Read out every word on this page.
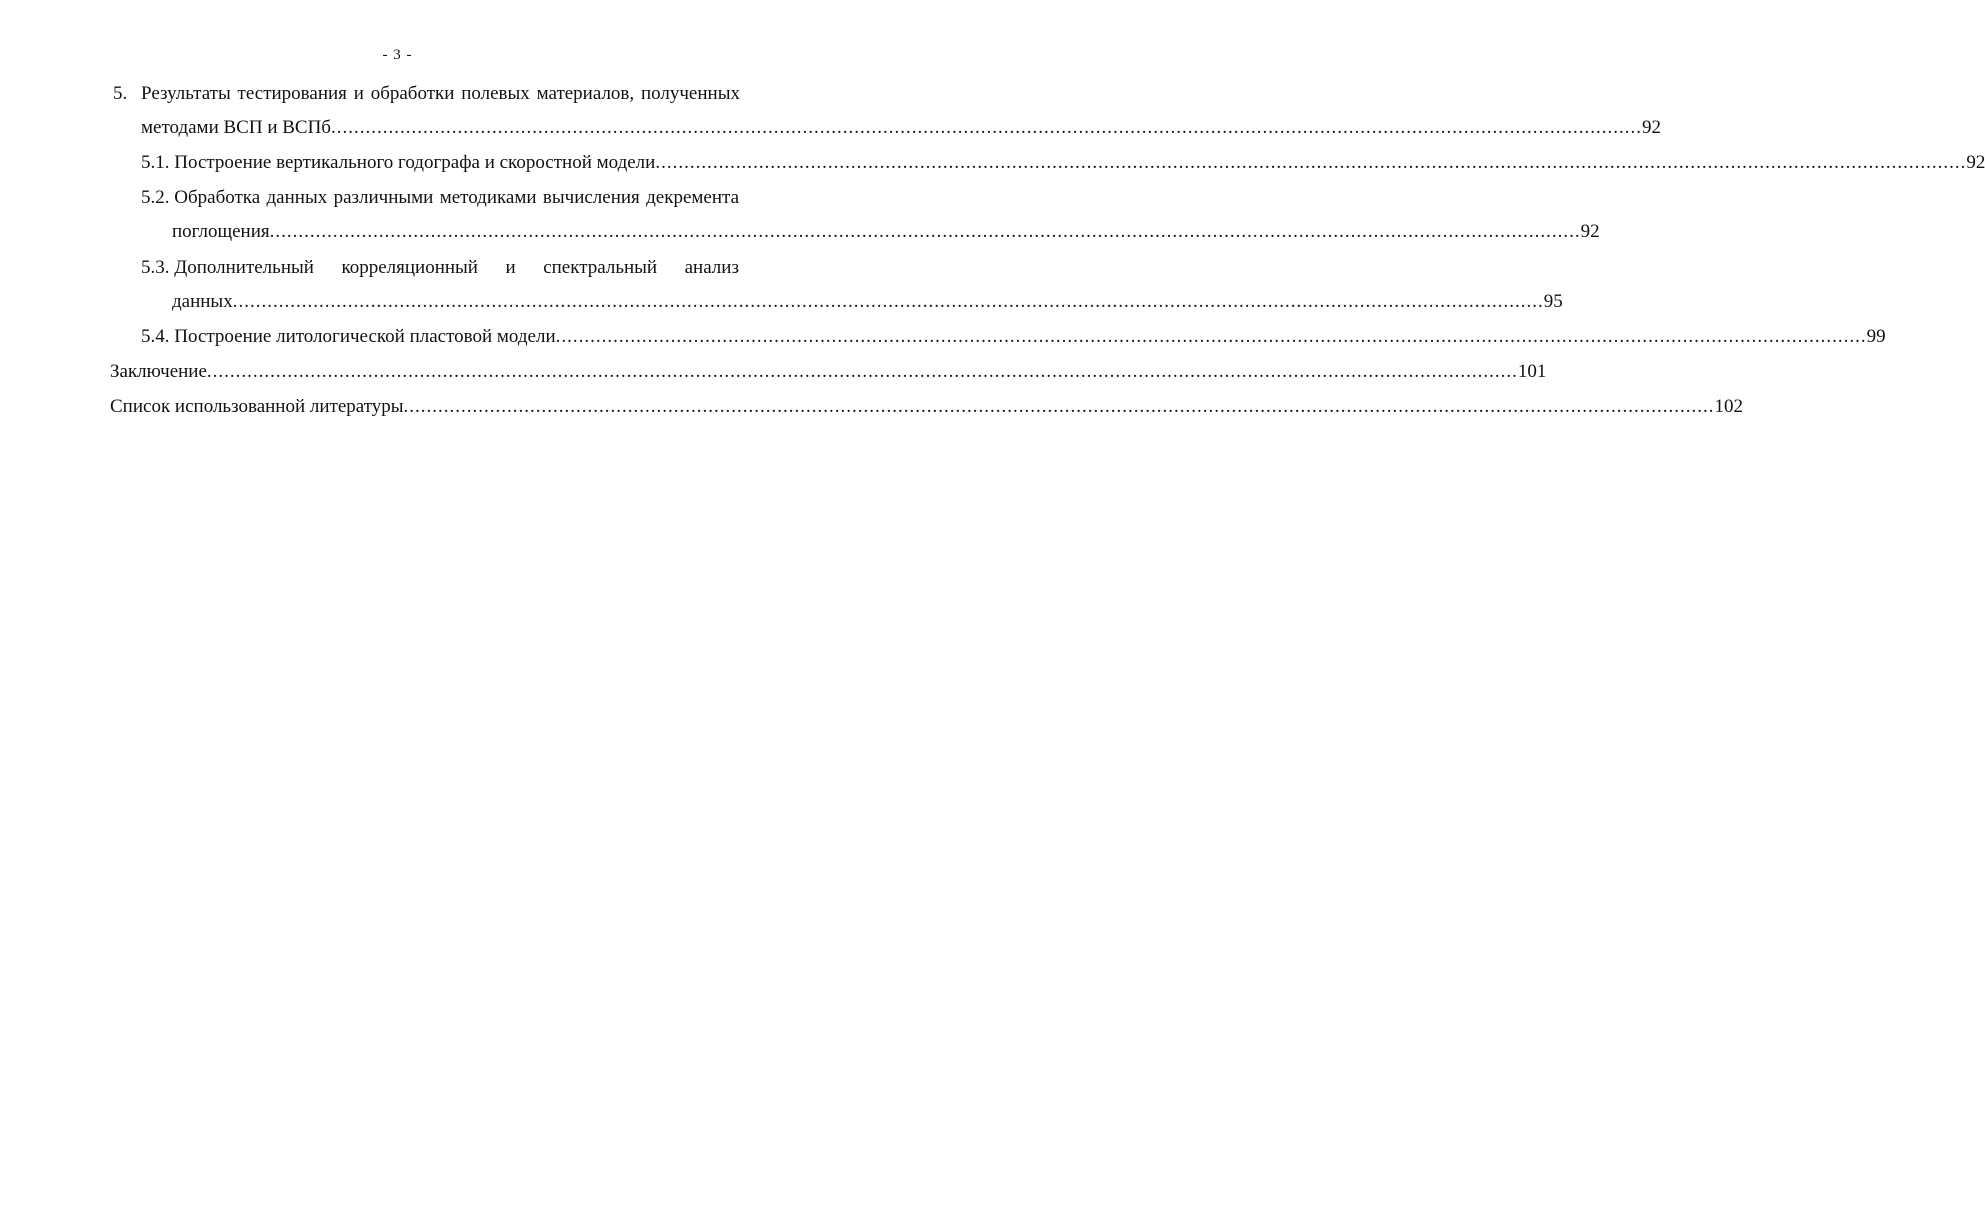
- 3 -
5. Результаты тестирования и обработки полевых материалов, полученных
методами ВСП и ВСПб .................................................................................................................................................................................................................................... 92
5.1. Построение вертикального годографа и скоростной модели .................................................................................................................................................................................................................................... 92
5.2. Обработка данных различными методиками вычисления декремента
поглощения .................................................................................................................................................................................................................................... 92
5.3. Дополнительный корреляционный и спектральный анализ
данных .................................................................................................................................................................................................................................... 95
5.4. Построение литологической пластовой модели .................................................................................................................................................................................................................................... 99
Заключение .................................................................................................................................................................................................................................... 101
Список использованной литературы .................................................................................................................................................................................................................................... 102
